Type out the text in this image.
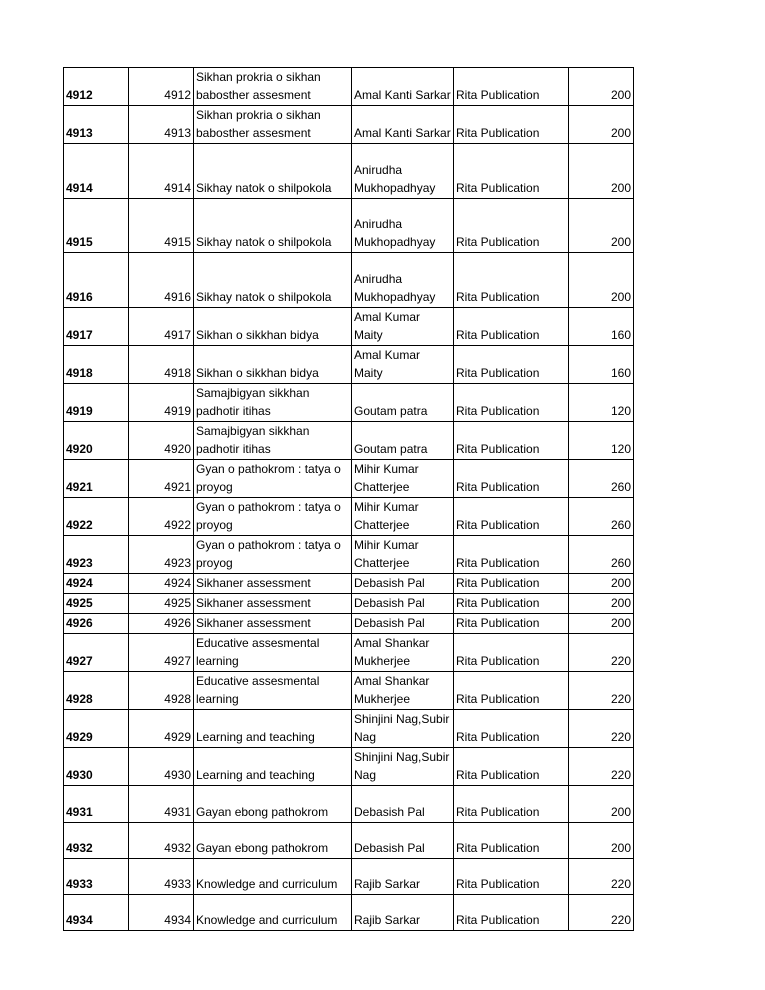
4912	4912	Sikhan prokria o sikhan babosther assesment	Amal Kanti Sarkar	Rita Publication	200
4913	4913	Sikhan prokria o sikhan babosther assesment	Amal Kanti Sarkar	Rita Publication	200
4914	4914	Sikhay natok o shilpokola	Anirudha Mukhopadhyay	Rita Publication	200
4915	4915	Sikhay natok o shilpokola	Anirudha Mukhopadhyay	Rita Publication	200
4916	4916	Sikhay natok o shilpokola	Anirudha Mukhopadhyay	Rita Publication	200
4917	4917	Sikhan o sikkhan bidya	Amal Kumar Maity	Rita Publication	160
4918	4918	Sikhan o sikkhan bidya	Amal Kumar Maity	Rita Publication	160
4919	4919	Samajbigyan sikkhan padhotir itihas	Goutam patra	Rita Publication	120
4920	4920	Samajbigyan sikkhan padhotir itihas	Goutam patra	Rita Publication	120
4921	4921	Gyan o pathokrom : tatya o proyog	Mihir Kumar Chatterjee	Rita Publication	260
4922	4922	Gyan o pathokrom : tatya o proyog	Mihir Kumar Chatterjee	Rita Publication	260
4923	4923	Gyan o pathokrom : tatya o proyog	Mihir Kumar Chatterjee	Rita Publication	260
4924	4924	Sikhaner assessment	Debasish Pal	Rita Publication	200
4925	4925	Sikhaner assessment	Debasish Pal	Rita Publication	200
4926	4926	Sikhaner assessment	Debasish Pal	Rita Publication	200
4927	4927	Educative assesmental learning	Amal Shankar Mukherjee	Rita Publication	220
4928	4928	Educative assesmental learning	Amal Shankar Mukherjee	Rita Publication	220
4929	4929	Learning and teaching	Shinjini Nag,Subir Nag	Rita Publication	220
4930	4930	Learning and teaching	Shinjini Nag,Subir Nag	Rita Publication	220
4931	4931	Gayan ebong pathokrom	Debasish Pal	Rita Publication	200
4932	4932	Gayan ebong pathokrom	Debasish Pal	Rita Publication	200
4933	4933	Knowledge and curriculum	Rajib Sarkar	Rita Publication	220
4934	4934	Knowledge and curriculum	Rajib Sarkar	Rita Publication	220
